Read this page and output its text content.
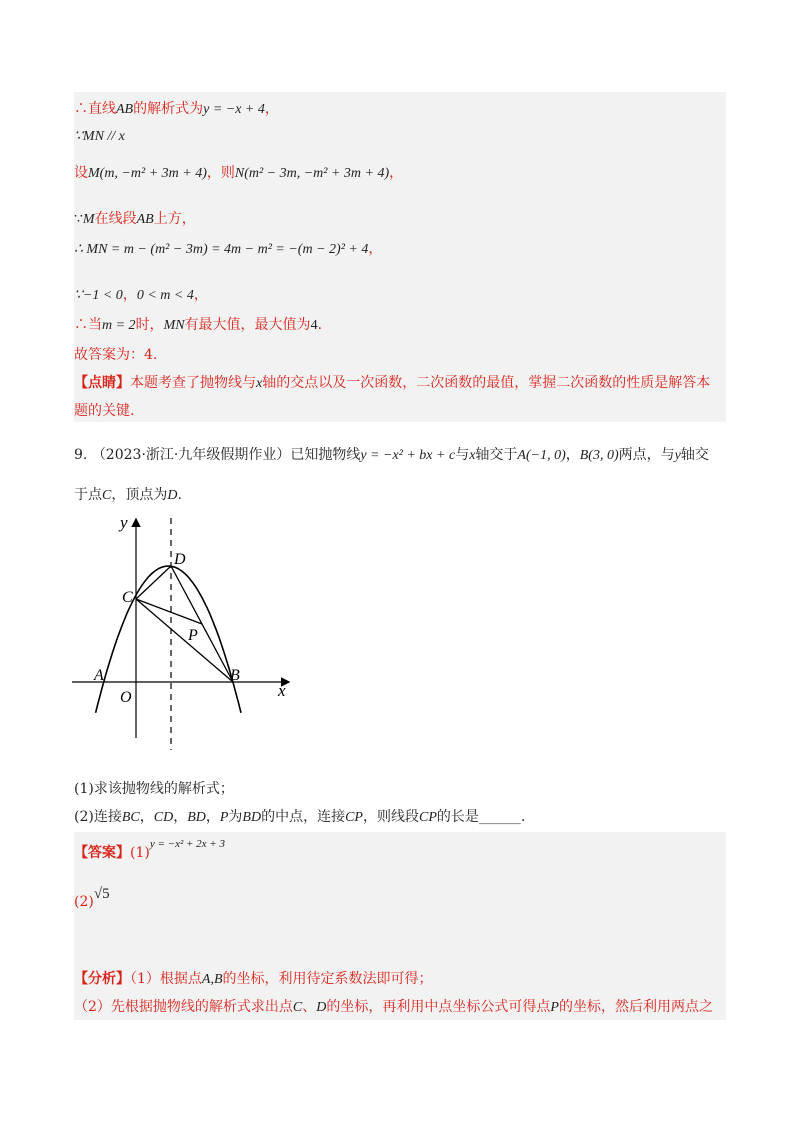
∴直线AB的解析式为y = −x + 4，
∵MN // x
设M(m, −m² + 3m + 4)，则N(m² − 3m, −m² + 3m + 4)，
∵M在线段AB上方，
∴ MN = m − (m² − 3m) = 4m − m² = −(m − 2)² + 4，
∵−1 < 0，0 < m < 4，
∴当m = 2时，MN有最大值，最大值为4.
故答案为：4.
【点睛】本题考查了抛物线与x轴的交点以及一次函数，二次函数的最值，掌握二次函数的性质是解答本
题的关键.
9. （2023·浙江·九年级假期作业）已知抛物线y = −x² + bx + c与x轴交于A(−1, 0)，B(3, 0)两点，与y轴交
于点C，顶点为D.
y
x
O
A	B
C
D
P
(1)求该抛物线的解析式；
(2)连接BC，CD，BD，P为BD的中点，连接CP，则线段CP的长是______.
【答案】$(1)^{y = -x^2 + 2x + 3}$
(2)√5
【分析】（1）根据点A,B的坐标，利用待定系数法即可得；
（2）先根据抛物线的解析式求出点C、D的坐标，再利用中点坐标公式可得点P的坐标，然后利用两点之
